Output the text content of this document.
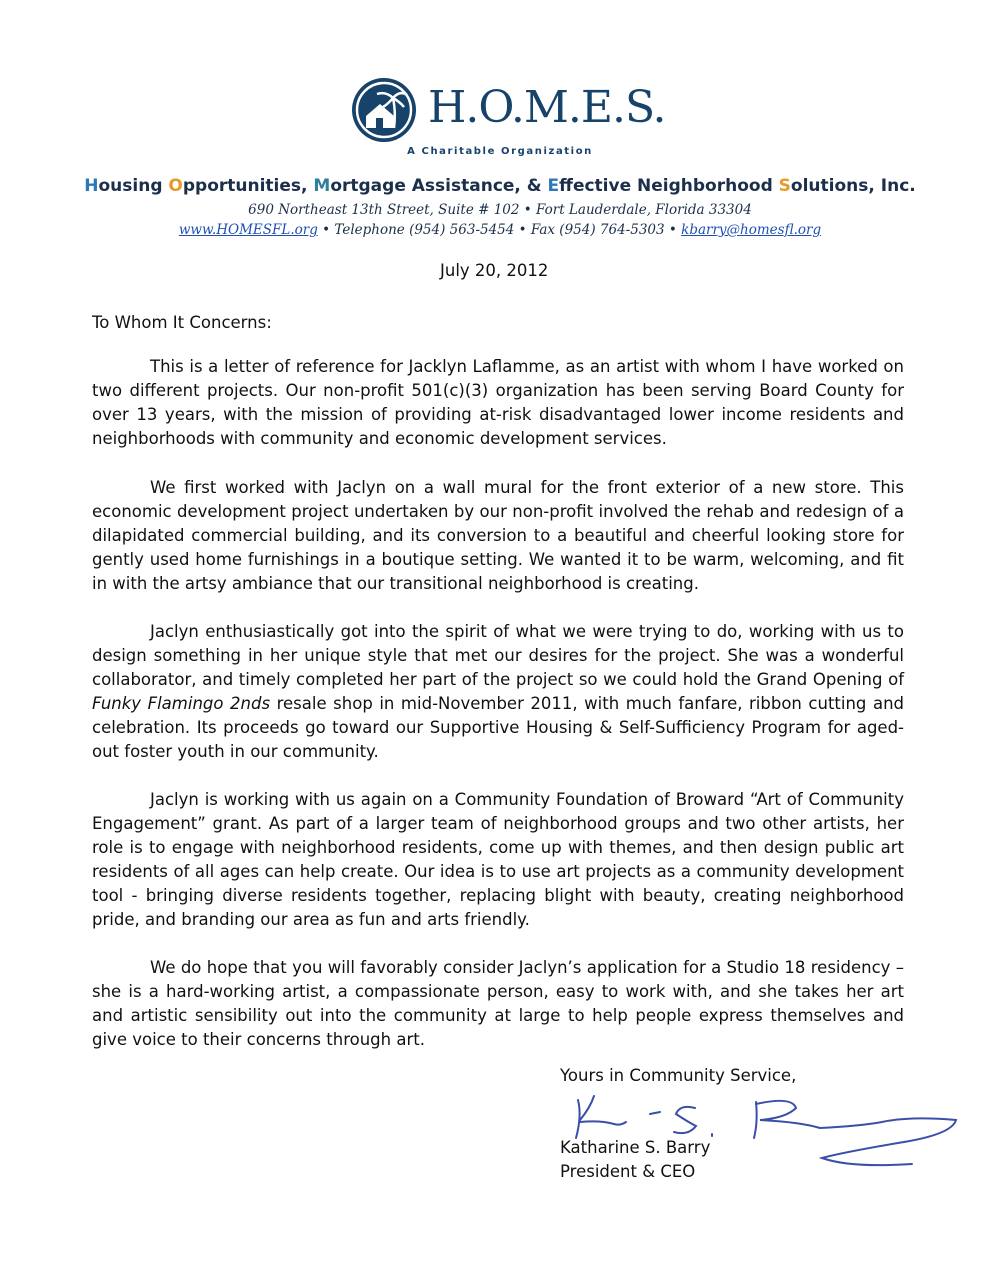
H.O.M.E.S.
A Charitable Organization
Housing Opportunities, Mortgage Assistance, & Effective Neighborhood Solutions, Inc.
690 Northeast 13th Street, Suite # 102 • Fort Lauderdale, Florida 33304
www.HOMESFL.org • Telephone (954) 563-5454 • Fax (954) 764-5303 • kbarry@homesfl.org
July 20, 2012
To Whom It Concerns:

This is a letter of reference for Jacklyn Laflamme, as an artist with whom I have worked on two different projects. Our non-profit 501(c)(3) organization has been serving Board County for over 13 years, with the mission of providing at-risk disadvantaged lower income residents and neighborhoods with community and economic development services.

We first worked with Jaclyn on a wall mural for the front exterior of a new store. This economic development project undertaken by our non-profit involved the rehab and redesign of a dilapidated commercial building, and its conversion to a beautiful and cheerful looking store for gently used home furnishings in a boutique setting. We wanted it to be warm, welcoming, and fit in with the artsy ambiance that our transitional neighborhood is creating.

Jaclyn enthusiastically got into the spirit of what we were trying to do, working with us to design something in her unique style that met our desires for the project. She was a wonderful collaborator, and timely completed her part of the project so we could hold the Grand Opening of Funky Flamingo 2nds resale shop in mid-November 2011, with much fanfare, ribbon cutting and celebration. Its proceeds go toward our Supportive Housing & Self-Sufficiency Program for aged-out foster youth in our community.

Jaclyn is working with us again on a Community Foundation of Broward “Art of Community Engagement” grant. As part of a larger team of neighborhood groups and two other artists, her role is to engage with neighborhood residents, come up with themes, and then design public art residents of all ages can help create. Our idea is to use art projects as a community development tool - bringing diverse residents together, replacing blight with beauty, creating neighborhood pride, and branding our area as fun and arts friendly.

We do hope that you will favorably consider Jaclyn’s application for a Studio 18 residency – she is a hard-working artist, a compassionate person, easy to work with, and she takes her art and artistic sensibility out into the community at large to help people express themselves and give voice to their concerns through art.

Yours in Community Service,
Katharine S. Barry
President & CEO
